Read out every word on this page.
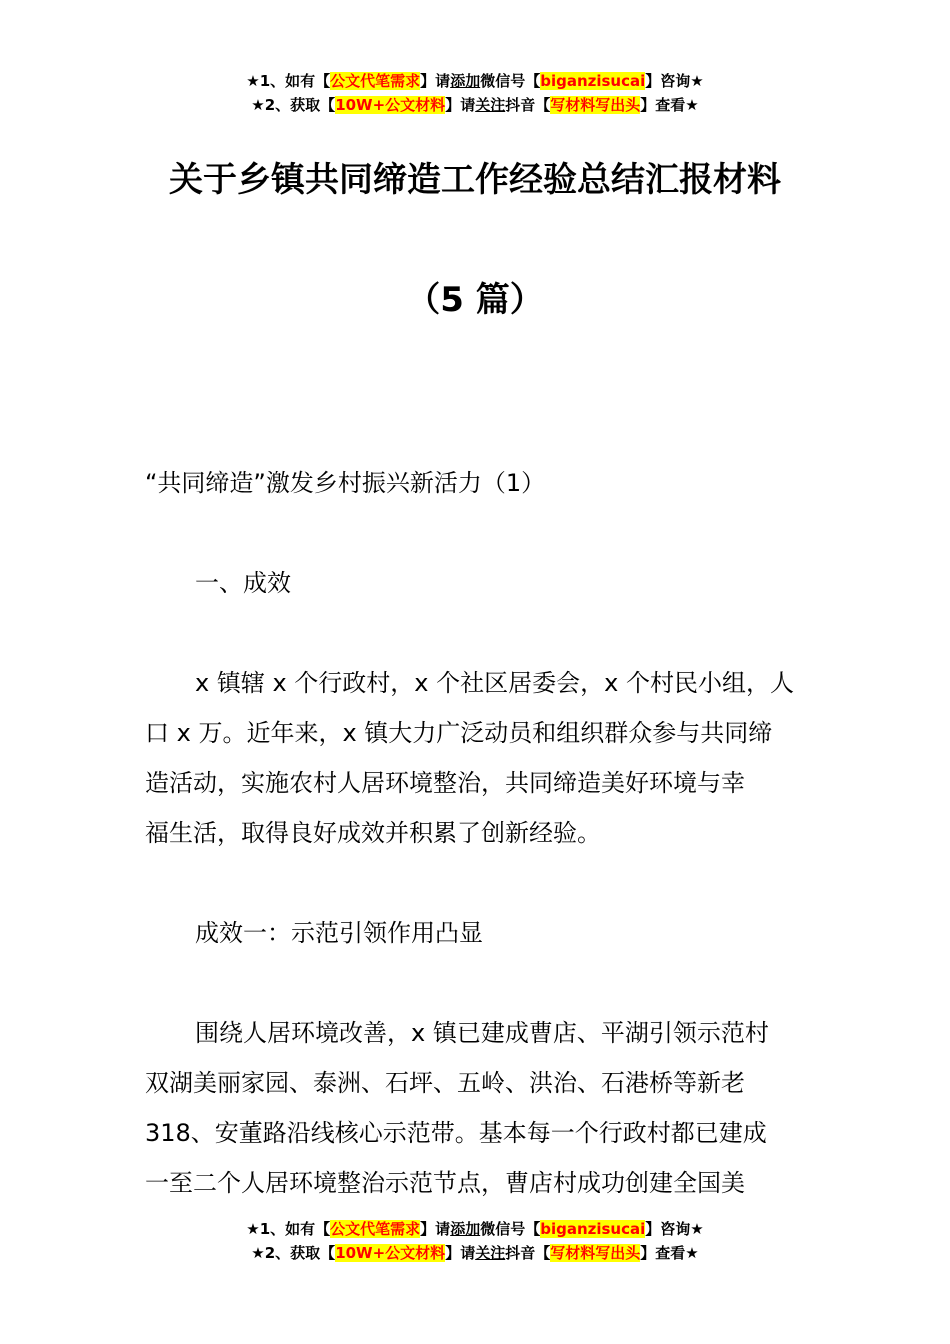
★1、如有【公文代笔需求】请添加微信号【biganzisucai】咨询★
★2、获取【10W+公文材料】请关注抖音【写材料写出头】查看★
关于乡镇共同缔造工作经验总结汇报材料
（5 篇）

“共同缔造”激发乡村振兴新活力（1）

一、成效

x 镇辖 x 个行政村，x 个社区居委会，x 个村民小组，人

口 x 万。近年来，x 镇大力广泛动员和组织群众参与共同缔

造活动，实施农村人居环境整治，共同缔造美好环境与幸

福生活，取得良好成效并积累了创新经验。

成效一：示范引领作用凸显

围绕人居环境改善，x 镇已建成曹店、平湖引领示范村

双湖美丽家园、泰洲、石坪、五岭、洪治、石港桥等新老

318、安董路沿线核心示范带。基本每一个行政村都已建成

一至二个人居环境整治示范节点，曹店村成功创建全国美

★1、如有【公文代笔需求】请添加微信号【biganzisucai】咨询★
★2、获取【10W+公文材料】请关注抖音【写材料写出头】查看★
